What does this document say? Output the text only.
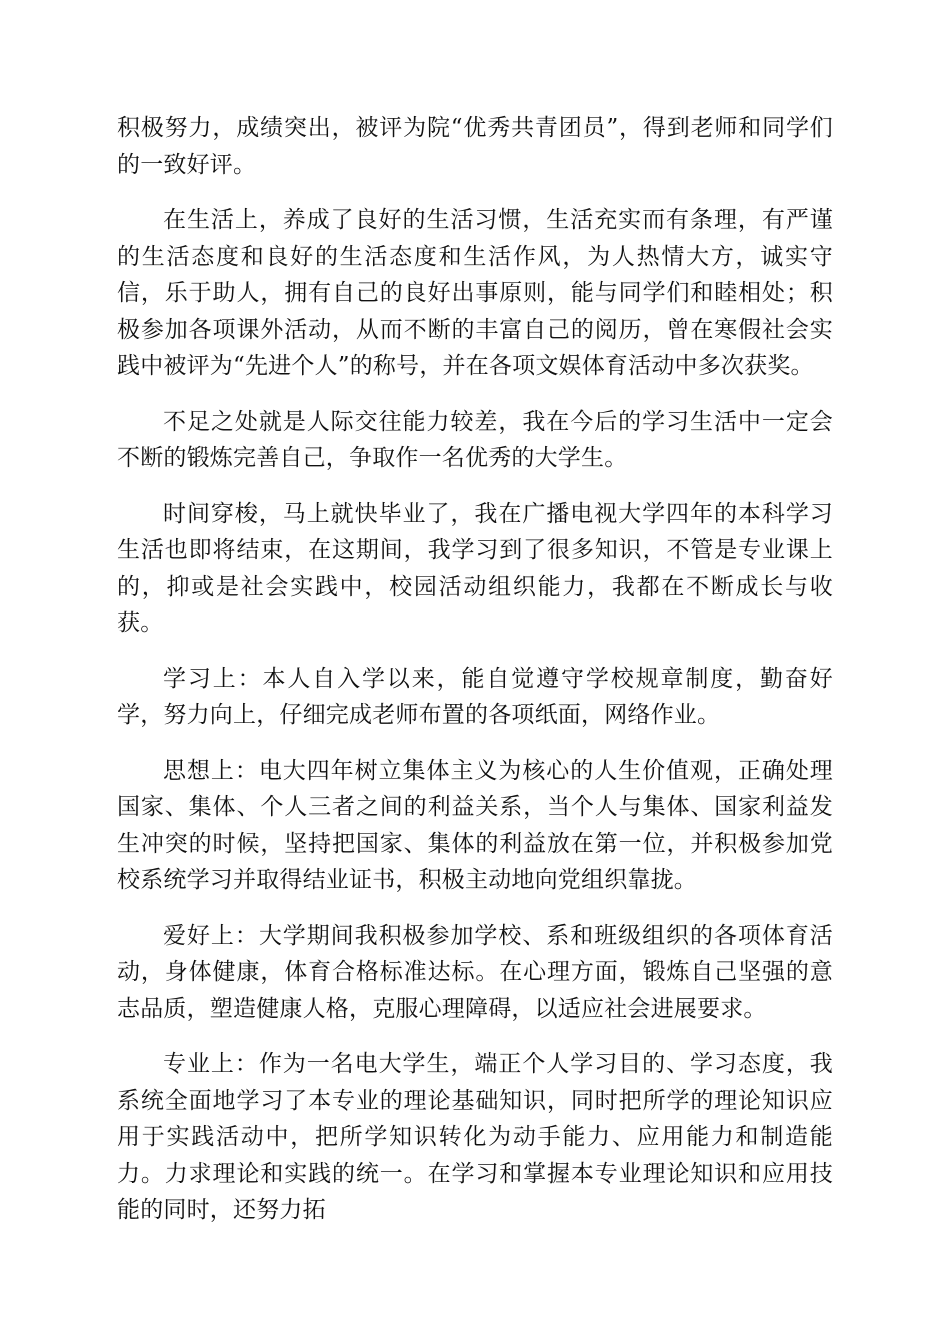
积极努力，成绩突出，被评为院“优秀共青团员”，得到老师和同学们的一致好评。

在生活上，养成了良好的生活习惯，生活充实而有条理，有严谨的生活态度和良好的生活态度和生活作风，为人热情大方，诚实守信，乐于助人，拥有自己的良好出事原则，能与同学们和睦相处；积极参加各项课外活动，从而不断的丰富自己的阅历，曾在寒假社会实践中被评为“先进个人”的称号，并在各项文娱体育活动中多次获奖。

不足之处就是人际交往能力较差，我在今后的学习生活中一定会不断的锻炼完善自己，争取作一名优秀的大学生。

时间穿梭，马上就快毕业了，我在广播电视大学四年的本科学习生活也即将结束，在这期间，我学习到了很多知识，不管是专业课上的，抑或是社会实践中，校园活动组织能力，我都在不断成长与收获。

学习上：本人自入学以来，能自觉遵守学校规章制度，勤奋好学，努力向上，仔细完成老师布置的各项纸面，网络作业。

思想上：电大四年树立集体主义为核心的人生价值观，正确处理国家、集体、个人三者之间的利益关系，当个人与集体、国家利益发生冲突的时候，坚持把国家、集体的利益放在第一位，并积极参加党校系统学习并取得结业证书，积极主动地向党组织靠拢。

爱好上：大学期间我积极参加学校、系和班级组织的各项体育活动，身体健康，体育合格标准达标。在心理方面，锻炼自己坚强的意志品质，塑造健康人格，克服心理障碍，以适应社会进展要求。

专业上：作为一名电大学生，端正个人学习目的、学习态度，我系统全面地学习了本专业的理论基础知识，同时把所学的理论知识应用于实践活动中，把所学知识转化为动手能力、应用能力和制造能力。力求理论和实践的统一。在学习和掌握本专业理论知识和应用技能的同时，还努力拓
